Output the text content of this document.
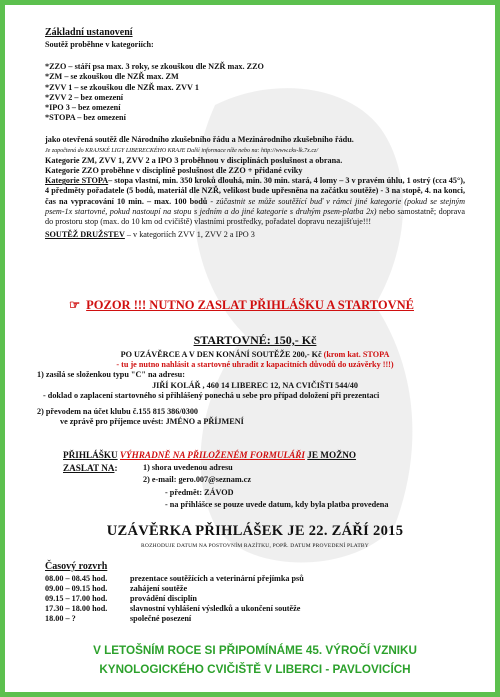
Základní ustanovení

Soutěž proběhne v kategoriích:

*ZZO – stáří psa max. 3 roky, se zkouškou dle NZŘ max. ZZO

*ZM – se zkouškou dle NZŘ max. ZM

*ZVV 1 – se zkouškou dle NZŘ max. ZVV 1

*ZVV 2 – bez omezení

*IPO 3 – bez omezení

*STOPA – bez omezení

jako otevřená soutěž dle Národního zkušebního řádu a Mezinárodního zkušebního řádu.

Je započtená do KRAJSKÉ LIGY LIBERECKÉHO KRAJE Další informace níže nebo na: http://www.cks-lk.7x.cz/

Kategorie ZM, ZVV 1, ZVV 2 a IPO 3 proběhnou v disciplínách poslušnost a obrana.

Kategorie ZZO proběhne v disciplíně poslušnost dle ZZO + přidané cviky

Kategorie STOPA– stopa vlastní, min. 350 kroků dlouhá, min. 30 min. stará, 4 lomy – 3 v pravém úhlu, 1 ostrý (cca 45°), 4 předměty pořadatele (5 bodů, materiál dle NZŘ, velikost bude upřesněna na začátku soutěže) - 3 na stopě, 4. na konci, čas na vypracování 10 min. – max. 100 bodů - zúčastnit se může soutěžící buď v rámci jiné kategorie (pokud se stejným psem-1x startovné, pokud nastoupí na stopu s jedním a do jiné kategorie s druhým psem-platba 2x) nebo samostatně; doprava do prostoru stop (max. do 10 km od cvičiště) vlastními prostředky, pořadatel dopravu nezajišťuje!!!

SOUTĚŽ DRUŽSTEV – v kategoriích ZVV 1, ZVV 2 a IPO 3

☞ POZOR !!! NUTNO ZASLAT PŘIHLÁŠKU A STARTOVNÉ
STARTOVNÉ: 150,- Kč

PO UZÁVĚRCE A V DEN KONÁNÍ SOUTĚŽE 200,- Kč (krom kat. STOPA

- tu je nutno nahlásit a startovné uhradit z kapacitních důvodů do uzávěrky !!!)

1) zasílá se složenkou typu "C" na adresu:

JIŘÍ KOLÁŘ , 460 14 LIBEREC 12, NA CVIČIŠTI 544/40

- doklad o zaplacení startovného si přihlášený ponechá u sebe pro případ doložení při prezentaci

2) převodem na účet klubu č.155 815 386/0300

ve zprávě pro příjemce uvést: JMÉNO a PŘÍJMENÍ

PŘIHLÁŠKU VÝHRADNĚ NA PŘILOŽENÉM FORMULÁŘI JE MOŽNO

ZASLAT NA:	1) shora uvedenou adresu

2) e-mail: gero.007@seznam.cz

- předmět: ZÁVOD

- na přihlášce se pouze uvede datum, kdy byla platba provedena

UZÁVĚRKA PŘIHLÁŠEK JE 22. ZÁŘÍ 2015
ROZHODUJE DATUM NA POSTOVNÍM RAZÍTKU, POPŘ. DATUM PROVEDENÍ PLATBY
Časový rozvrh
08.00 – 08.45 hod.	prezentace soutěžících a veterinární přejímka psů
09.00 – 09.15 hod.	zahájení soutěže
09.15 – 17.00 hod.	provádění disciplín
17.30 – 18.00 hod.	slavnostní vyhlášení výsledků a ukončení soutěže
18.00 – ?	společné posezení
V LETOŠNÍM ROCE SI PŘIPOMÍNÁME 45. VÝROČÍ VZNIKU
KYNOLOGICKÉHO CVIČIŠTĚ V LIBERCI - PAVLOVICÍCH
